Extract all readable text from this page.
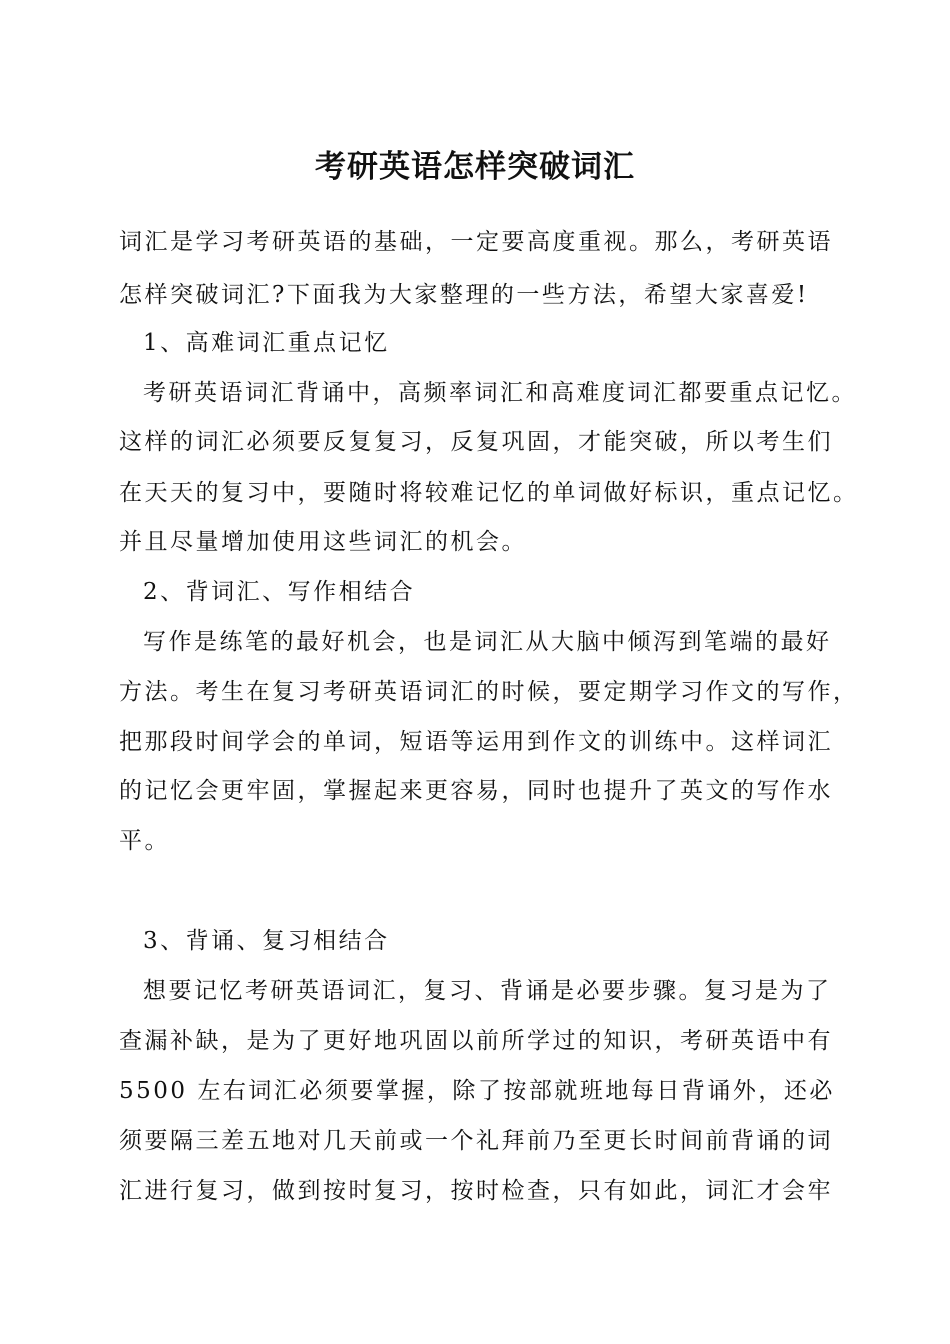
考研英语怎样突破词汇
词汇是学习考研英语的基础，一定要高度重视。那么，考研英语
怎样突破词汇?下面我为大家整理的一些方法，希望大家喜爱!
1、高难词汇重点记忆
考研英语词汇背诵中，高频率词汇和高难度词汇都要重点记忆。
这样的词汇必须要反复复习，反复巩固，才能突破，所以考生们
在天天的复习中，要随时将较难记忆的单词做好标识，重点记忆。
并且尽量增加使用这些词汇的机会。
2、背词汇、写作相结合
写作是练笔的最好机会，也是词汇从大脑中倾泻到笔端的最好
方法。考生在复习考研英语词汇的时候，要定期学习作文的写作，
把那段时间学会的单词，短语等运用到作文的训练中。这样词汇
的记忆会更牢固，掌握起来更容易，同时也提升了英文的写作水
平。
3、背诵、复习相结合
想要记忆考研英语词汇，复习、背诵是必要步骤。复习是为了
查漏补缺，是为了更好地巩固以前所学过的知识，考研英语中有
5500 左右词汇必须要掌握，除了按部就班地每日背诵外，还必
须要隔三差五地对几天前或一个礼拜前乃至更长时间前背诵的词
汇进行复习，做到按时复习，按时检查，只有如此，词汇才会牢
